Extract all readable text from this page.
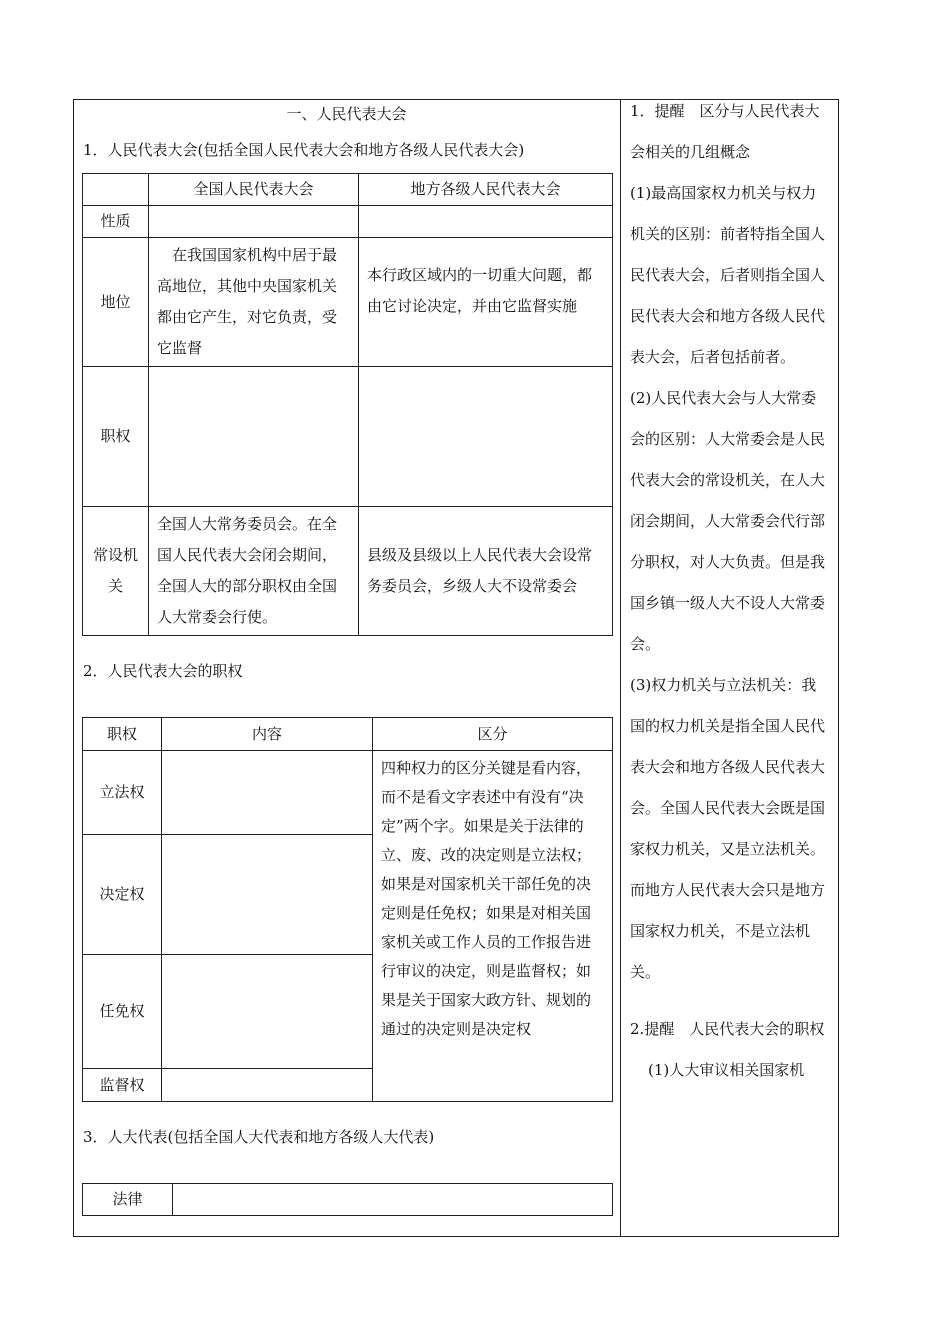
一、人民代表大会
1．人民代表大会(包括全国人民代表大会和地方各级人民代表大会)
	全国人民代表大会	地方各级人民代表大会
性质		
地位	　在我国国家机构中居于最高地位，其他中央国家机关都由它产生，对它负责，受它监督	本行政区域内的一切重大问题，都由它讨论决定，并由它监督实施
职权		
常设机关	全国人大常务委员会。在全国人民代表大会闭会期间，全国人大的部分职权由全国人大常委会行使。	县级及县级以上人民代表大会设常务委员会，乡级人大不设常委会
2．人民代表大会的职权
职权	内容	区分
立法权		四种权力的区分关键是看内容，而不是看文字表述中有没有“决定”两个字。如果是关于法律的立、废、改的决定则是立法权；如果是对国家机关干部任免的决定则是任免权；如果是对相关国家机关或工作人员的工作报告进行审议的决定，则是监督权；如果是关于国家大政方针、规划的通过的决定则是决定权
决定权		
任免权		
监督权		
3．人大代表(包括全国人大代表和地方各级人大代表)
法律	

1．提醒　区分与人民代表大会相关的几组概念

(1)最高国家权力机关与权力机关的区别：前者特指全国人民代表大会，后者则指全国人民代表大会和地方各级人民代表大会，后者包括前者。

(2)人民代表大会与人大常委会的区别：人大常委会是人民代表大会的常设机关，在人大闭会期间，人大常委会代行部分职权，对人大负责。但是我国乡镇一级人大不设人大常委会。

(3)权力机关与立法机关：我国的权力机关是指全国人民代表大会和地方各级人民代表大会。全国人民代表大会既是国家权力机关，又是立法机关。而地方人民代表大会只是地方国家权力机关，不是立法机关。

2.提醒　人民代表大会的职权

(1)人大审议相关国家机
